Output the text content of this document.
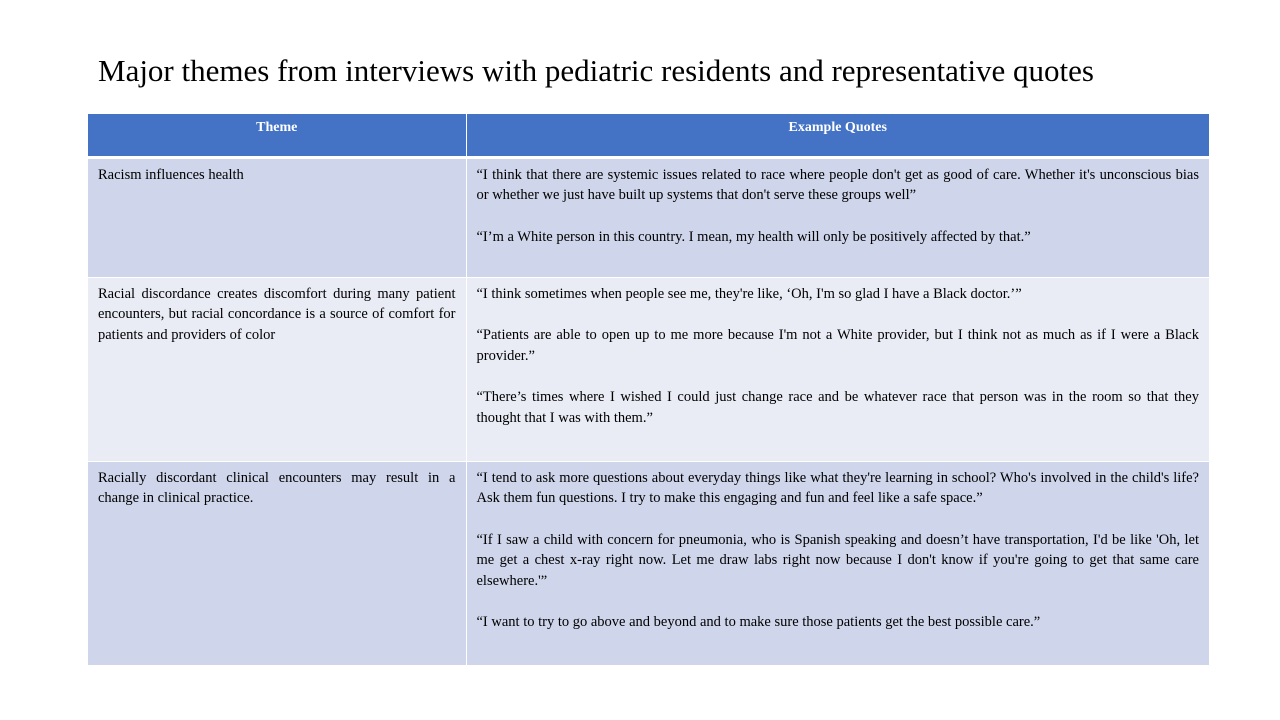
Major themes from interviews with pediatric residents and representative quotes
Theme	Example Quotes
Racism influences health	“I think that there are systemic issues related to race where people don't get as good of care. Whether it's unconscious bias or whether we just have built up systems that don't serve these groups well”

“I’m a White person in this country. I mean, my health will only be positively affected by that.”

Racial discordance creates discomfort during many patient encounters, but racial concordance is a source of comfort for patients and providers of color	“I think sometimes when people see me, they're like, ‘Oh, I'm so glad I have a Black doctor.’”

“Patients are able to open up to me more because I'm not a White provider, but I think not as much as if I were a Black provider.”

“There’s times where I wished I could just change race and be whatever race that person was in the room so that they thought that I was with them.”

Racially discordant clinical encounters may result in a change in clinical practice.	“I tend to ask more questions about everyday things like what they're learning in school? Who's involved in the child's life? Ask them fun questions. I try to make this engaging and fun and feel like a safe space.”

“If I saw a child with concern for pneumonia, who is Spanish speaking and doesn’t have transportation, I'd be like 'Oh, let me get a chest x-ray right now. Let me draw labs right now because I don't know if you're going to get that same care elsewhere.'”

“I want to try to go above and beyond and to make sure those patients get the best possible care.”
